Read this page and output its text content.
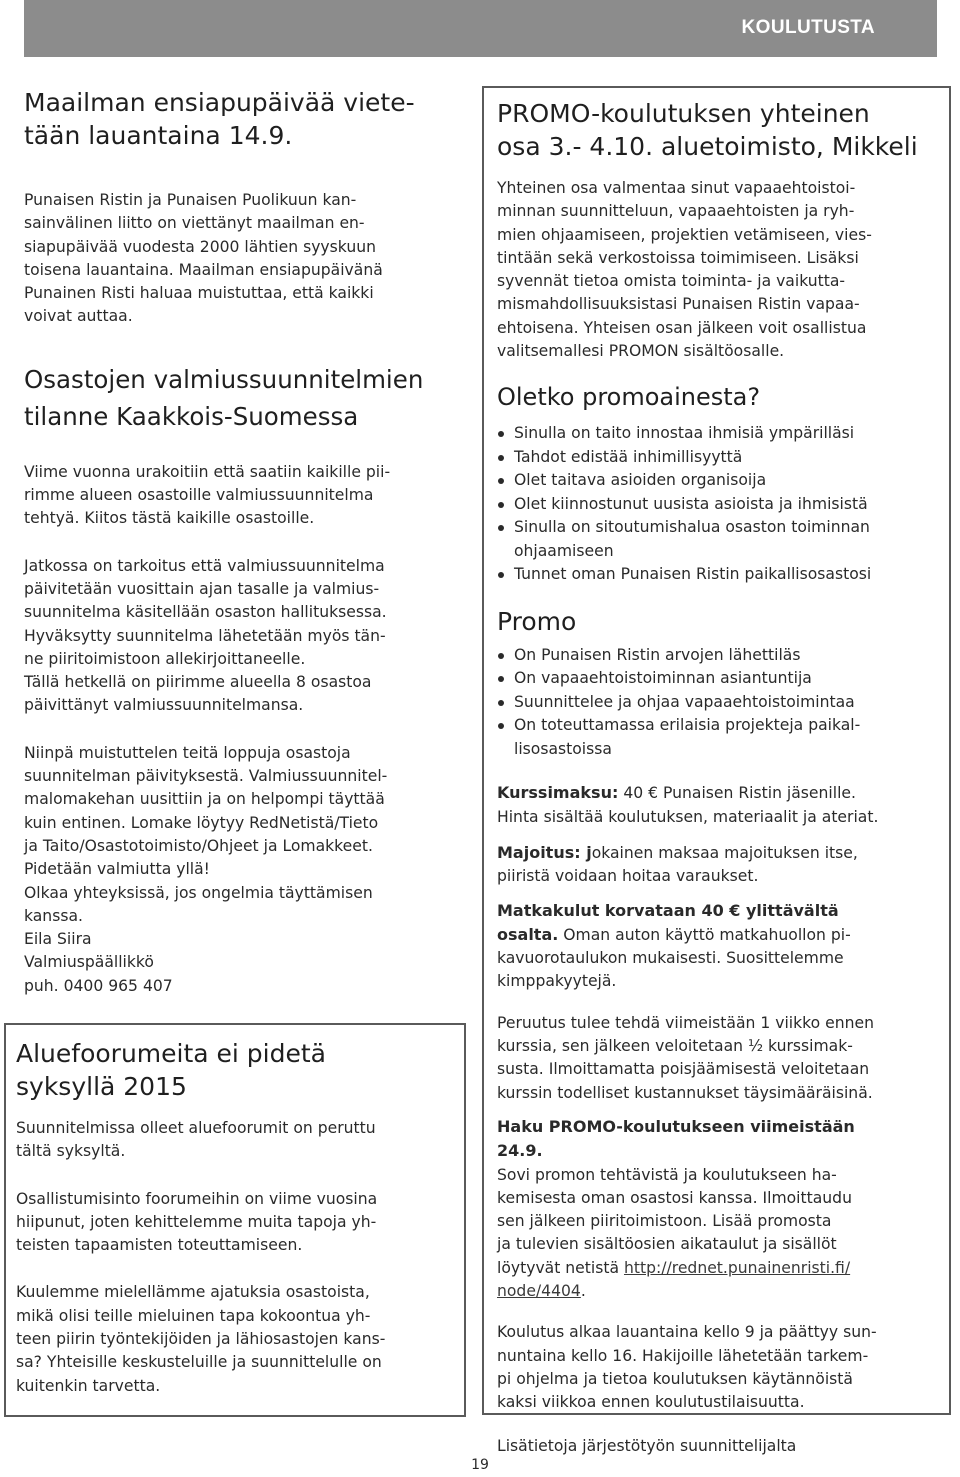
KOULUTUSTA
Maailman ensiapupäivää viete-
tään lauantaina 14.9.

Punaisen Ristin ja Punaisen Puolikuun kan-
sainvälinen liitto on viettänyt maailman en-
siapupäivää vuodesta 2000 lähtien syyskuun
toisena lauantaina. Maailman ensiapupäivänä
Punainen Risti haluaa muistuttaa, että kaikki
voivat auttaa.

Osastojen valmiussuunnitelmien
tilanne Kaakkois-Suomessa

Viime vuonna urakoitiin että saatiin kaikille pii-
rimme alueen osastoille valmiussuunnitelma
tehtyä. Kiitos tästä kaikille osastoille.

Jatkossa on tarkoitus että valmiussuunnitelma
päivitetään vuosittain ajan tasalle ja valmius-
suunnitelma käsitellään osaston hallituksessa.
Hyväksytty suunnitelma lähetetään myös tän-
ne piiritoimistoon allekirjoittaneelle.
Tällä hetkellä on piirimme alueella 8 osastoa
päivittänyt valmiussuunnitelmansa.

Niinpä muistuttelen teitä loppuja osastoja
suunnitelman päivityksestä. Valmiussuunnitel-
malomakehan uusittiin ja on helpompi täyttää
kuin entinen. Lomake löytyy RedNetistä/Tieto
ja Taito/Osastotoimisto/Ohjeet ja Lomakkeet.
Pidetään valmiutta yllä!
Olkaa yhteyksissä, jos ongelmia täyttämisen
kanssa.

Eila Siira

Valmiuspäällikkö

puh. 0400 965 407

Aluefoorumeita ei pidetä
syksyllä 2015

Suunnitelmissa olleet aluefoorumit on peruttu
tältä syksyltä.

Osallistumisinto foorumeihin on viime vuosina
hiipunut, joten kehittelemme muita tapoja yh-
teisten tapaamisten toteuttamiseen.

Kuulemme mielellämme ajatuksia osastoista,
mikä olisi teille mieluinen tapa kokoontua yh-
teen piirin työntekijöiden ja lähiosastojen kans-
sa? Yhteisille keskusteluille ja suunnittelulle on
kuitenkin tarvetta.

PROMO-koulutuksen yhteinen
osa 3.- 4.10. aluetoimisto, Mikkeli

Yhteinen osa valmentaa sinut vapaaehtoistoi-
minnan suunnitteluun, vapaaehtoisten ja ryh-
mien ohjaamiseen, projektien vetämiseen, vies-
tintään sekä verkostoissa toimimiseen. Lisäksi
syvennät tietoa omista toiminta- ja vaikutta-
mismahdollisuuksistasi Punaisen Ristin vapaa-
ehtoisena. Yhteisen osan jälkeen voit osallistua
valitsemallesi PROMON sisältöosalle.

Oletko promoainesta?
Sinulla on taito innostaa ihmisiä ympärilläsi
Tahdot edistää inhimillisyyttä
Olet taitava asioiden organisoija
Olet kiinnostunut uusista asioista ja ihmisistä
Sinulla on sitoutumishalua osaston toiminnan
ohjaamiseen
Tunnet oman Punaisen Ristin paikallisosastosi
Promo
On Punaisen Ristin arvojen lähettiläs
On vapaaehtoistoiminnan asiantuntija
Suunnittelee ja ohjaa vapaaehtoistoimintaa
On toteuttamassa erilaisia projekteja paikal-
lisosastoissa

Kurssimaksu: 40 € Punaisen Ristin jäsenille.
Hinta sisältää koulutuksen, materiaalit ja ateriat.

Majoitus: jokainen maksaa majoituksen itse,
piiristä voidaan hoitaa varaukset.

Matkakulut korvataan 40 € ylittävältä
osalta. Oman auton käyttö matkahuollon pi-
kavuorotaulukon mukaisesti. Suosittelemme
kimppakyytejä.

Peruutus tulee tehdä viimeistään 1 viikko ennen
kurssia, sen jälkeen veloitetaan ½ kurssimak-
susta. Ilmoittamatta poisjäämisestä veloitetaan
kurssin todelliset kustannukset täysimääräisinä.

Haku PROMO-koulutukseen viimeistään
24.9.

Sovi promon tehtävistä ja koulutukseen ha-
kemisesta oman osastosi kanssa. Ilmoittaudu
sen jälkeen piiritoimistoon. Lisää promosta
ja tulevien sisältöosien aikataulut ja sisällöt
löytyvät netistä http://rednet.punainenristi.fi/
node/4404.

Koulutus alkaa lauantaina kello 9 ja päättyy sun-
nuntaina kello 16. Hakijoille lähetetään tarkem-
pi ohjelma ja tietoa koulutuksen käytännöistä
kaksi viikkoa ennen koulutustilaisuutta.

Lisätietoja järjestötyön suunnittelijalta

19
